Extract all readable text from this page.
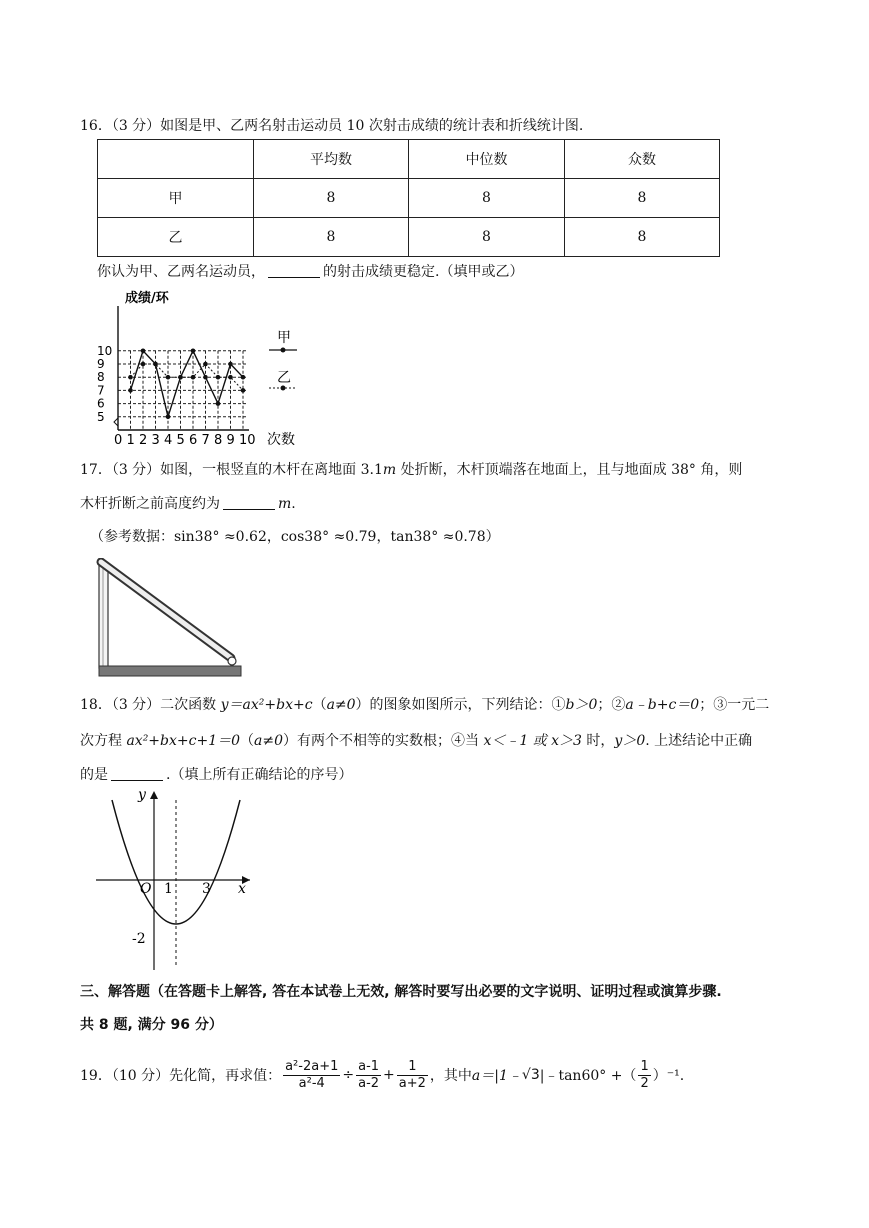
16．（3 分）如图是甲、乙两名射击运动员 10 次射击成绩的统计表和折线统计图.
	平均数	中位数	众数
甲	8	8	8
乙	8	8	8
你认为甲、乙两名运动员，	的射击成绩更稳定.（填甲或乙）
5
6
7
8
9
10
0 1 2 3 4 5 6 7 8 9 10
成绩/环
次数
甲
乙
17．（3 分）如图，一根竖直的木杆在离地面 3.1m 处折断，木杆顶端落在地面上，且与地面成 38° 角，则
木杆折断之前高度约为	m.
（参考数据：sin38° ≈0.62，cos38° ≈0.79，tan38° ≈0.78）
18．（3 分）二次函数 y＝ax²+bx+c（a≠0）的图象如图所示，下列结论：①b＞0；②a﹣b+c＝0；③一元二
次方程 ax²+bx+c+1＝0（a≠0）有两个不相等的实数根；④当 x＜﹣1 或 x＞3 时，y＞0. 上述结论中正确
的是	.（填上所有正确结论的序号）
y
x
O 1 3
-2
三、解答题（在答题卡上解答, 答在本试卷上无效, 解答时要写出必要的文字说明、证明过程或演算步骤.
共 8 题, 满分 96 分）
19．（10 分）先化简，再求值： $\frac{\text{a²-2a+1}}{\text{a²-4}} \div \frac{a-1}{a-2} + \frac{1}{a+2}$ ，其中 a＝|1﹣ √3 |﹣tan60° +（ $\frac{1}{2} )^{-1}$.
